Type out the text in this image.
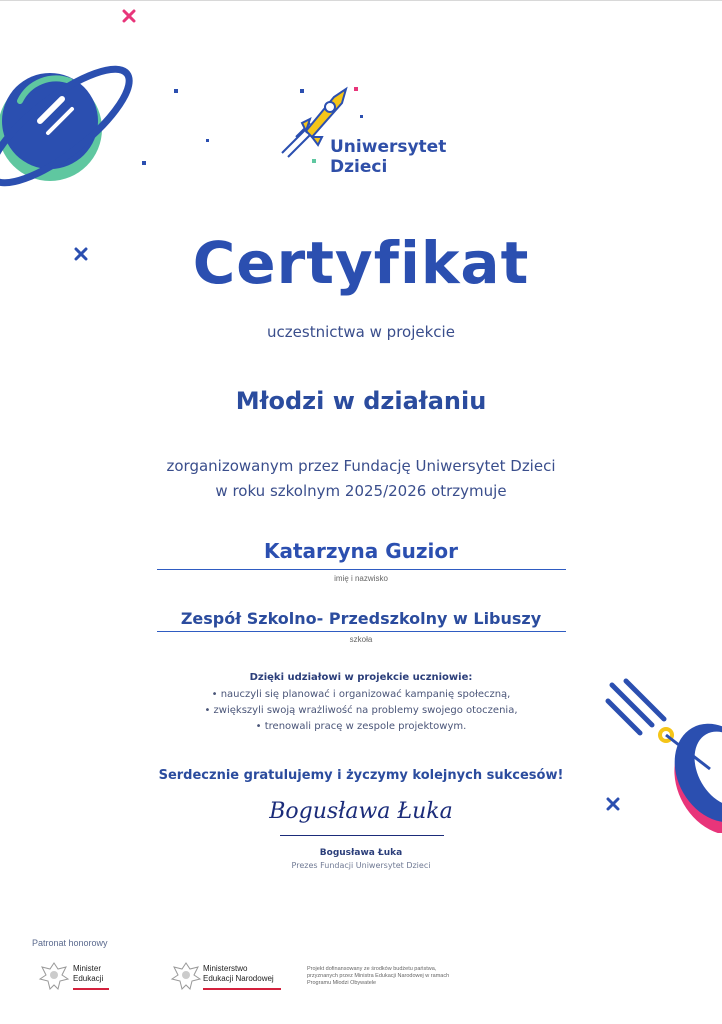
Uniwersytet
Dzieci
Certyfikat
uczestnictwa w projekcie
Młodzi w działaniu
zorganizowanym przez Fundację Uniwersytet Dzieci
w roku szkolnym 2025/2026 otrzymuje
Katarzyna Guzior
imię i nazwisko
Zespół Szkolno- Przedszkolny w Libuszy
szkoła
Dzięki udziałowi w projekcie uczniowie:
• nauczyli się planować i organizować kampanię społeczną,
• zwiększyli swoją wrażliwość na problemy swojego otoczenia,
• trenowali pracę w zespole projektowym.
Serdecznie gratulujemy i życzymy kolejnych sukcesów!
Bogusława Łuka
Bogusława Łuka
Prezes Fundacji Uniwersytet Dzieci
Patronat honorowy
Minister
Edukacji
Ministerstwo
Edukacji Narodowej
Projekt dofinansowany ze środków budżetu państwa, przyznanych przez Ministra Edukacji Narodowej w ramach Programu Młodzi Obywatele
